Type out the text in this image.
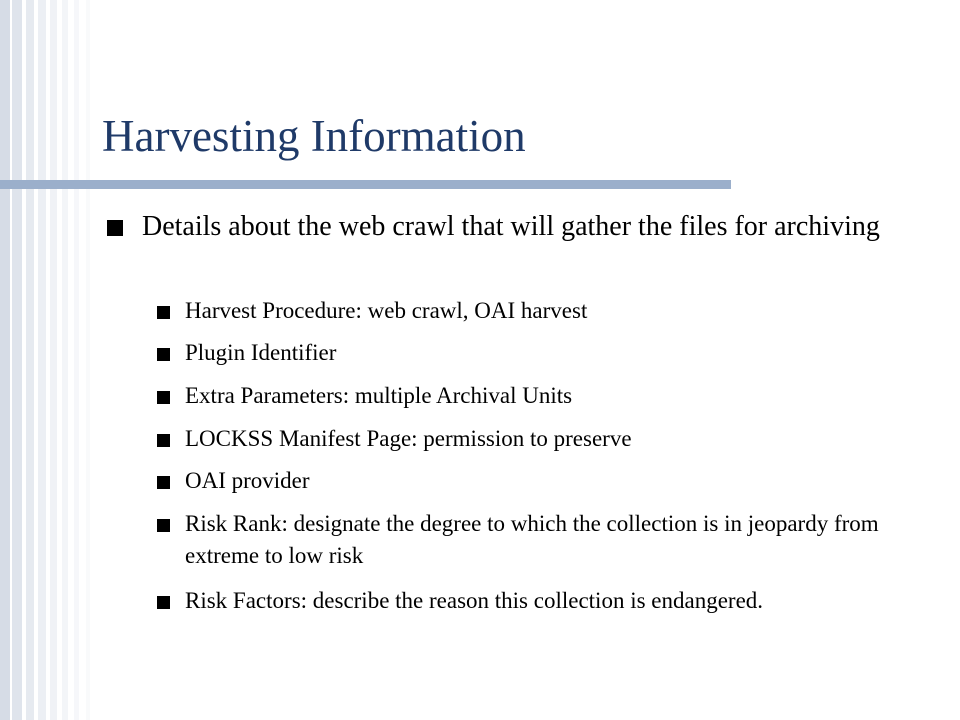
Harvesting Information
Details about the web crawl that will gather the files for archiving
Harvest Procedure: web crawl, OAI harvest
Plugin Identifier
Extra Parameters: multiple Archival Units
LOCKSS Manifest Page: permission to preserve
OAI provider
Risk Rank: designate the degree to which the collection is in jeopardy from extreme to low risk
Risk Factors: describe the reason this collection is endangered.
